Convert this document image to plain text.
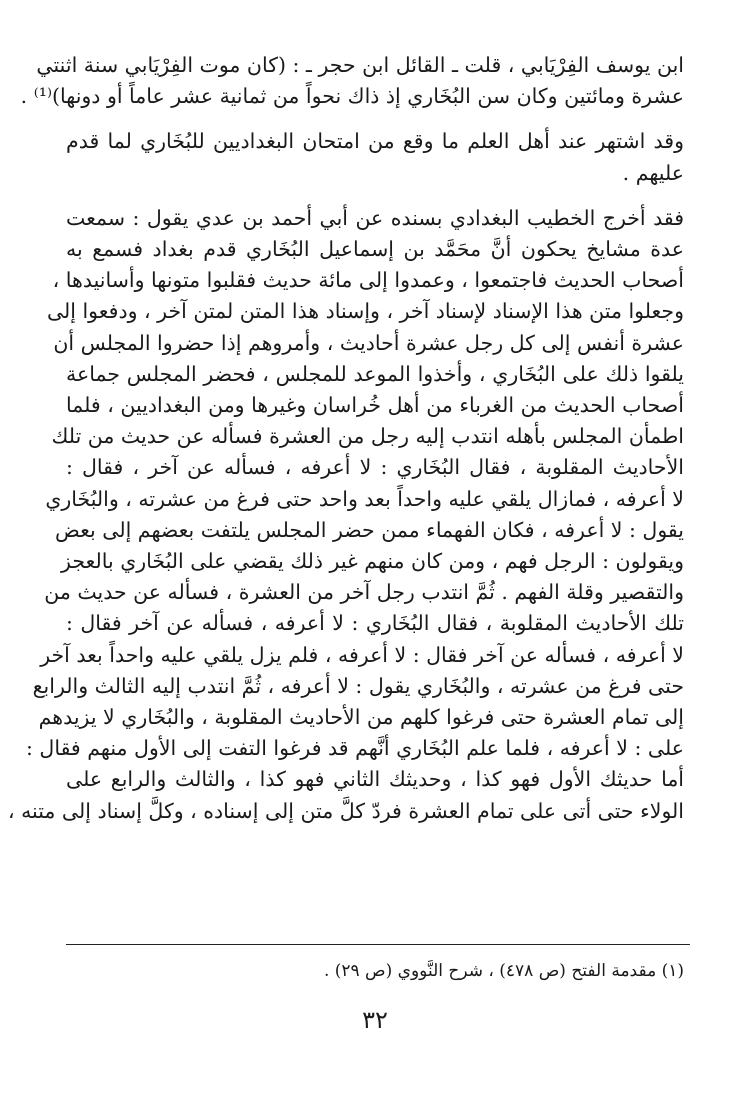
ابن يوسف الفِرْيَابي ، قلت ـ القائل ابن حجر ـ : (كان موت الفِرْيَابي سنة اثنتي
عشرة ومائتين وكان سن البُخَاري إذ ذاك نحواً من ثمانية عشر عاماً أو دونها)⁽¹⁾ .
وقد اشتهر عند أهل العلم ما وقع من امتحان البغداديين للبُخَاري لما قدم
عليهم .
فقد أخرج الخطيب البغدادي بسنده عن أبي أحمد بن عدي يقول : سمعت
عدة مشايخ يحكون أنَّ محَمَّد بن إسماعيل البُخَاري قدم بغداد فسمع به
أصحاب الحديث فاجتمعوا ، وعمدوا إلى مائة حديث فقلبوا متونها وأسانيدها ،
وجعلوا متن هذا الإسناد لإسناد آخر ، وإسناد هذا المتن لمتن آخر ، ودفعوا إلى
عشرة أنفس إلى كل رجل عشرة أحاديث ، وأمروهم إذا حضروا المجلس أن
يلقوا ذلك على البُخَاري ، وأخذوا الموعد للمجلس ، فحضر المجلس جماعة
أصحاب الحديث من الغرباء من أهل خُراسان وغيرها ومن البغداديين ، فلما
اطمأن المجلس بأهله انتدب إليه رجل من العشرة فسأله عن حديث من تلك
الأحاديث المقلوبة ، فقال البُخَاري : لا أعرفه ، فسأله عن آخر ، فقال :
لا أعرفه ، فمازال يلقي عليه واحداً بعد واحد حتى فرغ من عشرته ، والبُخَاري
يقول : لا أعرفه ، فكان الفهماء ممن حضر المجلس يلتفت بعضهم إلى بعض
ويقولون : الرجل فهم ، ومن كان منهم غير ذلك يقضي على البُخَاري بالعجز
والتقصير وقلة الفهم . ثُمَّ انتدب رجل آخر من العشرة ، فسأله عن حديث من
تلك الأحاديث المقلوبة ، فقال البُخَاري : لا أعرفه ، فسأله عن آخر فقال :
لا أعرفه ، فسأله عن آخر فقال : لا أعرفه ، فلم يزل يلقي عليه واحداً بعد آخر
حتى فرغ من عشرته ، والبُخَاري يقول : لا أعرفه ، ثُمَّ انتدب إليه الثالث والرابع
إلى تمام العشرة حتى فرغوا كلهم من الأحاديث المقلوبة ، والبُخَاري لا يزيدهم
على : لا أعرفه ، فلما علم البُخَاري أنَّهم قد فرغوا التفت إلى الأول منهم فقال :
أما حديثك الأول فهو كذا ، وحديثك الثاني فهو كذا ، والثالث والرابع على
الولاء حتى أتى على تمام العشرة فردّ كلَّ متن إلى إسناده ، وكلَّ إسناد إلى متنه ،
(١) مقدمة الفتح (ص ٤٧٨) ، شرح النَّووي (ص ٢٩) .
٣٢
